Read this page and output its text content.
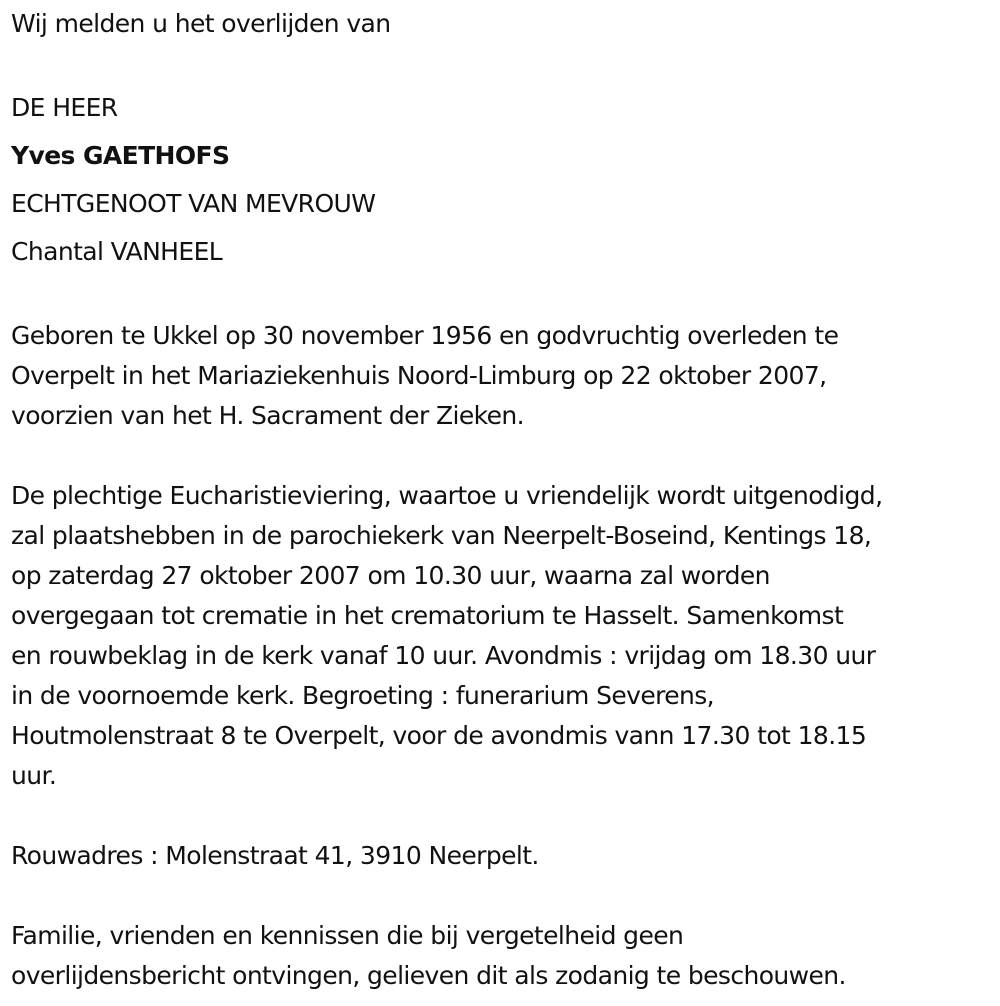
Wij melden u het overlijden van
DE HEER
Yves GAETHOFS
ECHTGENOOT VAN MEVROUW
Chantal VANHEEL
Geboren te Ukkel op 30 november 1956 en godvruchtig overleden te
Overpelt in het Mariaziekenhuis Noord-Limburg op 22 oktober 2007,
voorzien van het H. Sacrament der Zieken.
De plechtige Eucharistieviering, waartoe u vriendelijk wordt uitgenodigd,
zal plaatshebben in de parochiekerk van Neerpelt-Boseind, Kentings 18,
op zaterdag 27 oktober 2007 om 10.30 uur, waarna zal worden
overgegaan tot crematie in het crematorium te Hasselt. Samenkomst
en rouwbeklag in de kerk vanaf 10 uur. Avondmis : vrijdag om 18.30 uur
in de voornoemde kerk. Begroeting : funerarium Severens,
Houtmolenstraat 8 te Overpelt, voor de avondmis vann 17.30 tot 18.15
uur.
Rouwadres : Molenstraat 41, 3910 Neerpelt.
Familie, vrienden en kennissen die bij vergetelheid geen
overlijdensbericht ontvingen, gelieven dit als zodanig te beschouwen.
